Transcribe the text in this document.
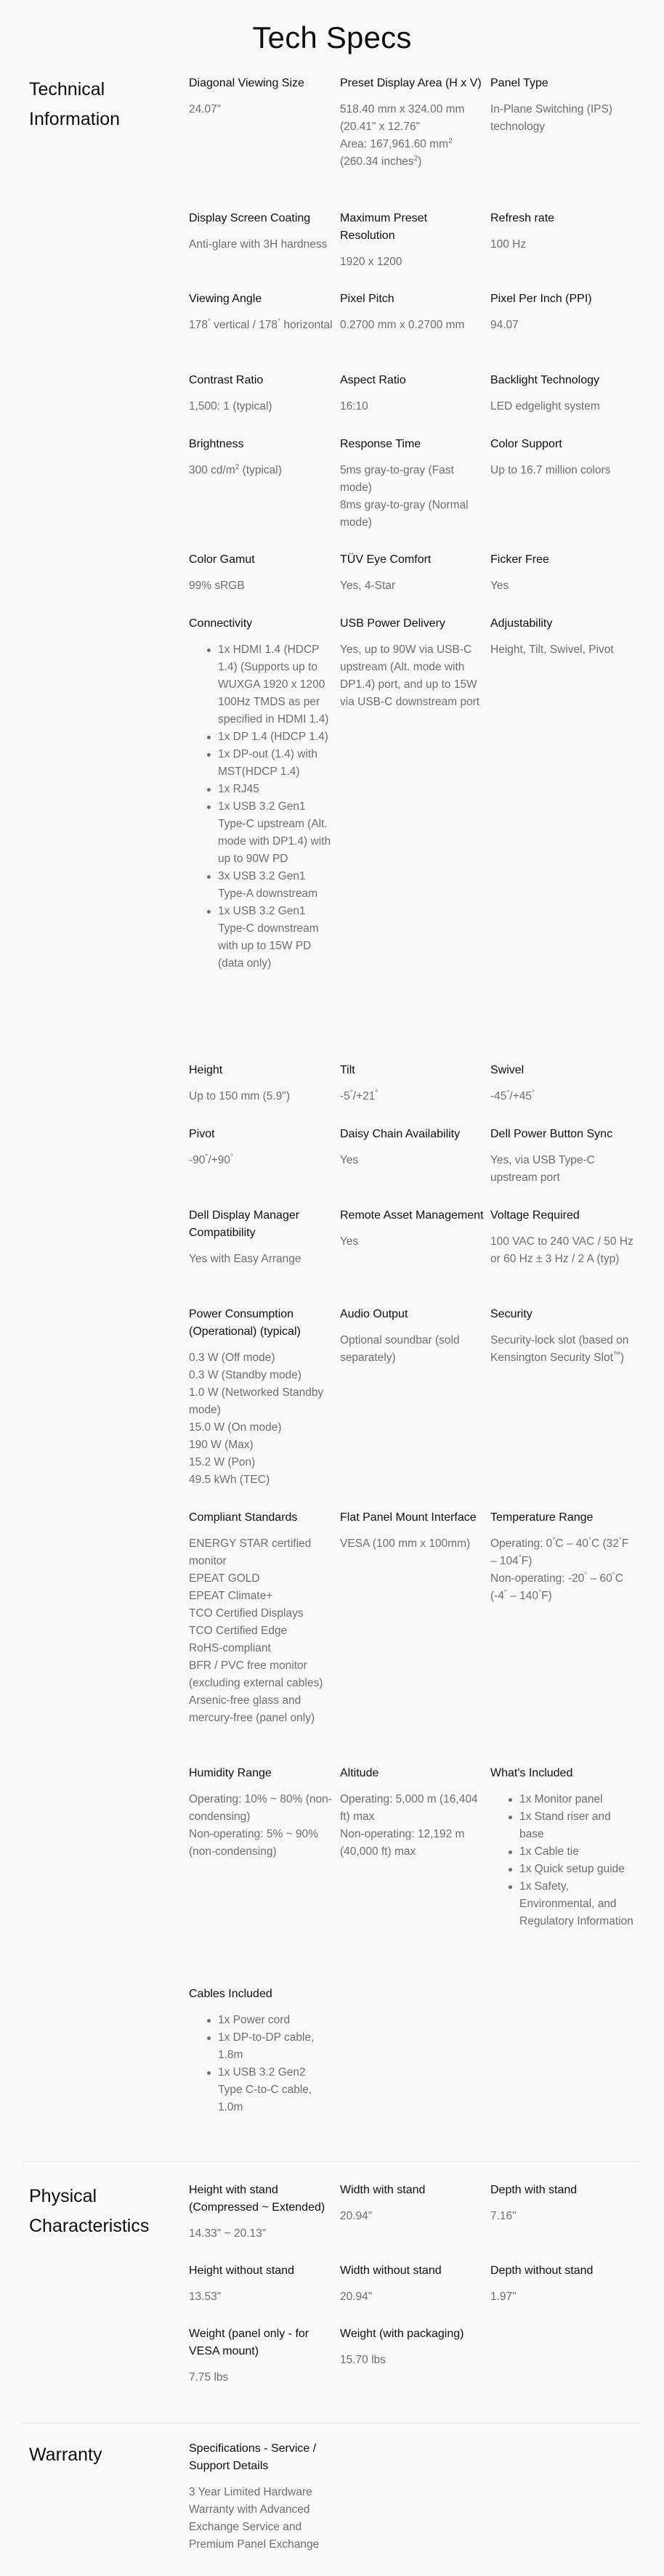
Tech Specs
Technical Information
Diagonal Viewing Size
24.07"
Preset Display Area (H x V)
518.40 mm x 324.00 mm (20.41" x 12.76"
Area: 167,961.60 $mm^2$ (260.34 inches$^2$)
Panel Type
In-Plane Switching (IPS) technology
Display Screen Coating
Anti-glare with 3H hardness
Maximum Preset Resolution
1920 x 1200
Refresh rate
100 Hz
Viewing Angle
178° vertical / 178° horizontal
Pixel Pitch
0.2700 mm x 0.2700 mm
Pixel Per Inch (PPI)
94.07
Contrast Ratio
1,500: 1 (typical)
Aspect Ratio
16:10
Backlight Technology
LED edgelight system
Brightness
300 $cd/m^2$ (typical)
Response Time
5ms gray-to-gray (Fast mode)
8ms gray-to-gray (Normal mode)
Color Support
Up to 16.7 million colors
Color Gamut
99% sRGB
TÜV Eye Comfort
Yes, 4-Star
Ficker Free
Yes
Connectivity
1x HDMI 1.4 (HDCP 1.4) (Supports up to WUXGA 1920 x 1200 100Hz TMDS as per specified in HDMI 1.4)
1x DP 1.4 (HDCP 1.4)
1x DP-out (1.4) with MST(HDCP 1.4)
1x RJ45
1x USB 3.2 Gen1 Type-C upstream (Alt. mode with DP1.4) with up to 90W PD
3x USB 3.2 Gen1 Type-A downstream
1x USB 3.2 Gen1 Type-C downstream with up to 15W PD (data only)
USB Power Delivery
Yes, up to 90W via USB-C upstream (Alt. mode with DP1.4) port, and up to 15W via USB-C downstream port
Adjustability
Height, Tilt, Swivel, Pivot
Height
Up to 150 mm (5.9")
Tilt
-5°/+21°
Swivel
-45°/+45°
Pivot
-90°/+90°
Daisy Chain Availability
Yes
Dell Power Button Sync
Yes, via USB Type-C upstream port
Dell Display Manager Compatibility
Yes with Easy Arrange
Remote Asset Management
Yes
Voltage Required
100 VAC to 240 VAC / 50 Hz or 60 Hz ± 3 Hz / 2 A (typ)
Power Consumption (Operational) (typical)
0.3 W (Off mode)
0.3 W (Standby mode)
1.0 W (Networked Standby mode)
15.0 W (On mode)
190 W (Max)
15.2 W (Pon)
49.5 kWh (TEC)
Audio Output
Optional soundbar (sold separately)
Security
Security-lock slot (based on Kensington Security Slot™)
Compliant Standards
ENERGY STAR certified monitor
EPEAT GOLD
EPEAT Climate+
TCO Certified Displays
TCO Certified Edge
RoHS-compliant
BFR / PVC free monitor (excluding external cables)
Arsenic-free glass and mercury-free (panel only)
Flat Panel Mount Interface
VESA (100 mm x 100mm)
Temperature Range
Operating: 0°C – 40°C (32°F – 104°F)
Non-operating: -20° – 60°C (-4° – 140°F)
Humidity Range
Operating: 10% ~ 80% (non-condensing)
Non-operating: 5% ~ 90% (non-condensing)
Altitude
Operating: 5,000 m (16,404 ft) max
Non-operating: 12,192 m (40,000 ft) max
What's Included
1x Monitor panel
1x Stand riser and base
1x Cable tie
1x Quick setup guide
1x Safety, Environmental, and Regulatory Information
Cables Included
1x Power cord
1x DP-to-DP cable, 1.8m
1x USB 3.2 Gen2 Type C-to-C cable, 1.0m
Physical Characteristics
Height with stand (Compressed ~ Extended)
14.33" ~ 20.13"
Width with stand
20.94"
Depth with stand
7.16"
Height without stand
13.53"
Width without stand
20.94"
Depth without stand
1.97"
Weight (panel only - for VESA mount)
7.75 lbs
Weight (with packaging)
15.70 lbs
Warranty	Specifications - Service / Support Details
3 Year Limited Hardware Warranty with Advanced Exchange Service and Premium Panel Exchange
